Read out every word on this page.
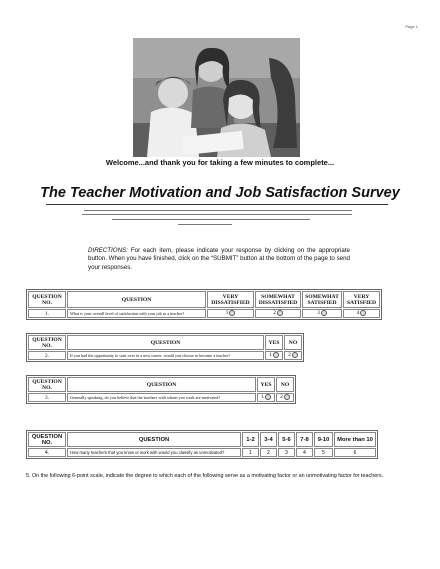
Page 1
Welcome...and thank you for taking a few minutes to complete...
The Teacher Motivation and Job Satisfaction Survey
DIRECTIONS: For each item, please indicate your response by clicking on the appropriate button. When you have finished, click on the “SUBMIT” button at the bottom of the page to send your responses.
QUESTION NO.	QUESTION	VERY DISSATISFIED	SOMEWHAT DISSATISFIED	SOMEWHAT SATISFIED	VERY SATISFIED
1.	What is your overall level of satisfaction with your job as a teacher?	1	2	3	4
QUESTION NO.	QUESTION	YES	NO
2.	If you had the opportunity to start over in a new career, would you choose to become a teacher?	1	2
QUESTION NO.	QUESTION	YES	NO
3.	Generally speaking, do you believe that the teachers with whom you work are motivated?	1	2
QUESTION NO.	QUESTION	1-2	3-4	5-6	7-8	9-10	More than 10
4.	How many teachers that you know or work with would you classify as unmotivated?	1	2	3	4	5	6
5. On the following 6-point scale, indicate the degree to which each of the following serve as a motivating factor or an unmotivating factor for teachers.
